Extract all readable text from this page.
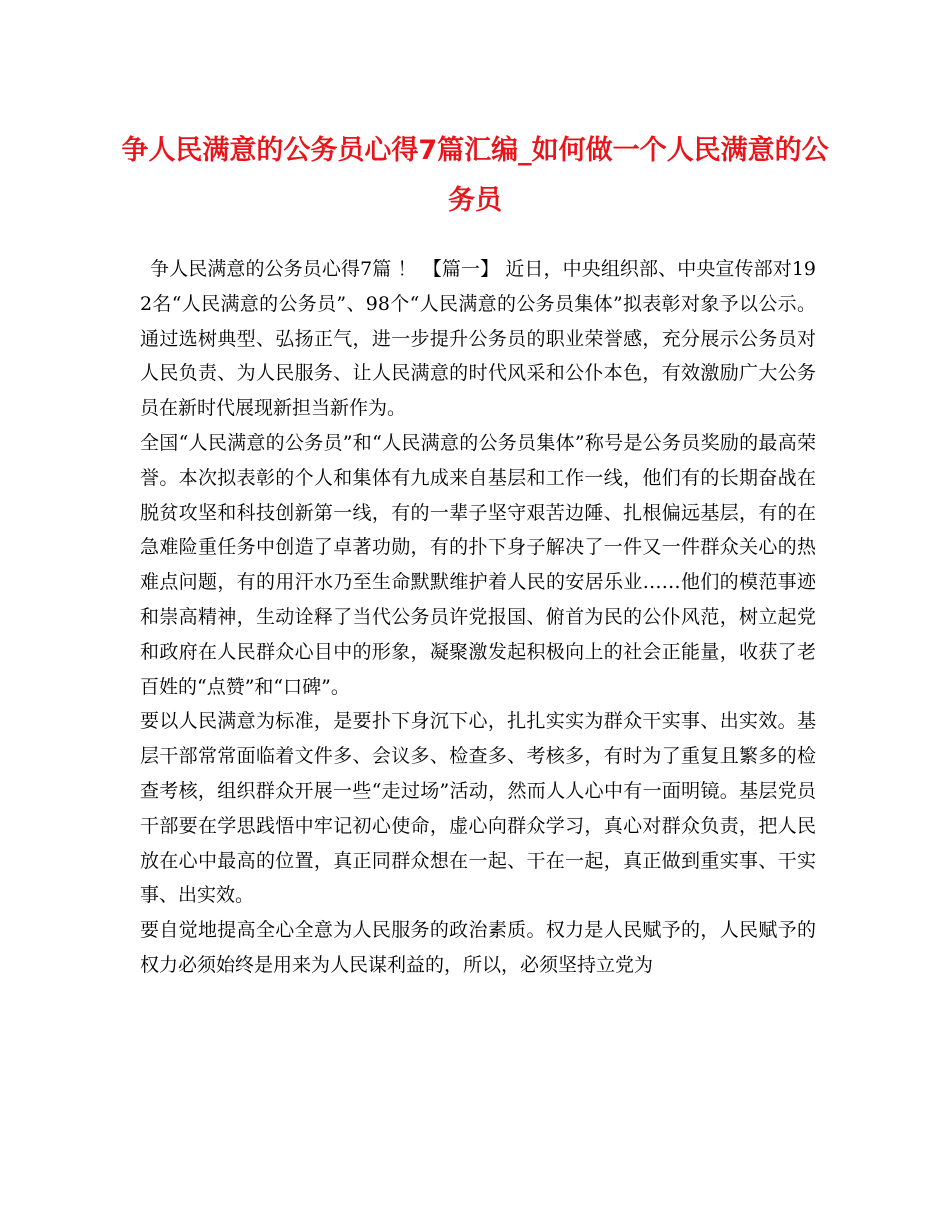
争人民满意的公务员心得7篇汇编_如何做一个人民满意的公务员

争人民满意的公务员心得7篇 ！ 【篇一】 近日，中央组织部、中央宣传部对192名“人民满意的公务员”、98个“人民满意的公务员集体”拟表彰对象予以公示。通过选树典型、弘扬正气，进一步提升公务员的职业荣誉感，充分展示公务员对人民负责、为人民服务、让人民满意的时代风采和公仆本色，有效激励广大公务员在新时代展现新担当新作为。

全国“人民满意的公务员”和“人民满意的公务员集体”称号是公务员奖励的最高荣誉。本次拟表彰的个人和集体有九成来自基层和工作一线，他们有的长期奋战在脱贫攻坚和科技创新第一线，有的一辈子坚守艰苦边陲、扎根偏远基层，有的在急难险重任务中创造了卓著功勋，有的扑下身子解决了一件又一件群众关心的热难点问题，有的用汗水乃至生命默默维护着人民的安居乐业……他们的模范事迹和崇高精神，生动诠释了当代公务员许党报国、俯首为民的公仆风范，树立起党和政府在人民群众心目中的形象，凝聚激发起积极向上的社会正能量，收获了老百姓的“点赞”和“口碑”。

要以人民满意为标准，是要扑下身沉下心，扎扎实实为群众干实事、出实效。基层干部常常面临着文件多、会议多、检查多、考核多，有时为了重复且繁多的检查考核，组织群众开展一些“走过场”活动，然而人人心中有一面明镜。基层党员干部要在学思践悟中牢记初心使命，虚心向群众学习，真心对群众负责，把人民放在心中最高的位置，真正同群众想在一起、干在一起，真正做到重实事、干实事、出实效。

要自觉地提高全心全意为人民服务的政治素质。权力是人民赋予的，人民赋予的权力必须始终是用来为人民谋利益的，所以，必须坚持立党为
